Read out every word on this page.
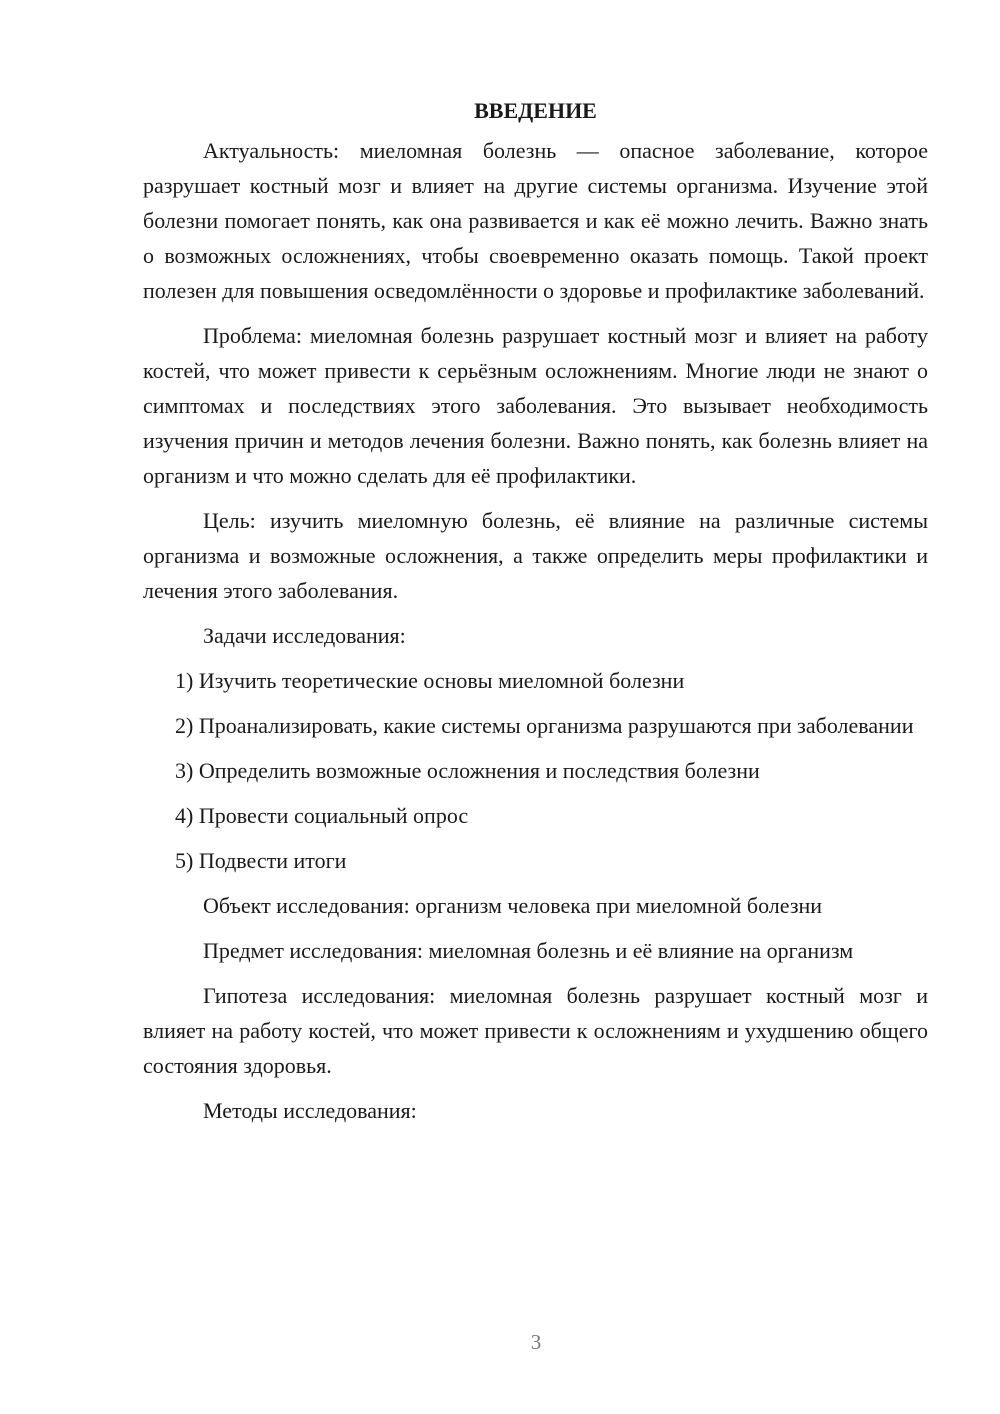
ВВЕДЕНИЕ

Актуальность: миеломная болезнь — опасное заболевание, которое разрушает костный мозг и влияет на другие системы организма. Изучение этой болезни помогает понять, как она развивается и как её можно лечить. Важно знать о возможных осложнениях, чтобы своевременно оказать помощь. Такой проект полезен для повышения осведомлённости о здоровье и профилактике заболеваний.

Проблема: миеломная болезнь разрушает костный мозг и влияет на работу костей, что может привести к серьёзным осложнениям. Многие люди не знают о симптомах и последствиях этого заболевания. Это вызывает необходимость изучения причин и методов лечения болезни. Важно понять, как болезнь влияет на организм и что можно сделать для её профилактики.

Цель: изучить миеломную болезнь, её влияние на различные системы организма и возможные осложнения, а также определить меры профилактики и лечения этого заболевания.

Задачи исследования:

1) Изучить теоретические основы миеломной болезни

2) Проанализировать, какие системы организма разрушаются при заболевании

3) Определить возможные осложнения и последствия болезни

4) Провести социальный опрос

5) Подвести итоги

Объект исследования: организм человека при миеломной болезни

Предмет исследования: миеломная болезнь и её влияние на организм

Гипотеза исследования: миеломная болезнь разрушает костный мозг и влияет на работу костей, что может привести к осложнениям и ухудшению общего состояния здоровья.

Методы исследования:

3
